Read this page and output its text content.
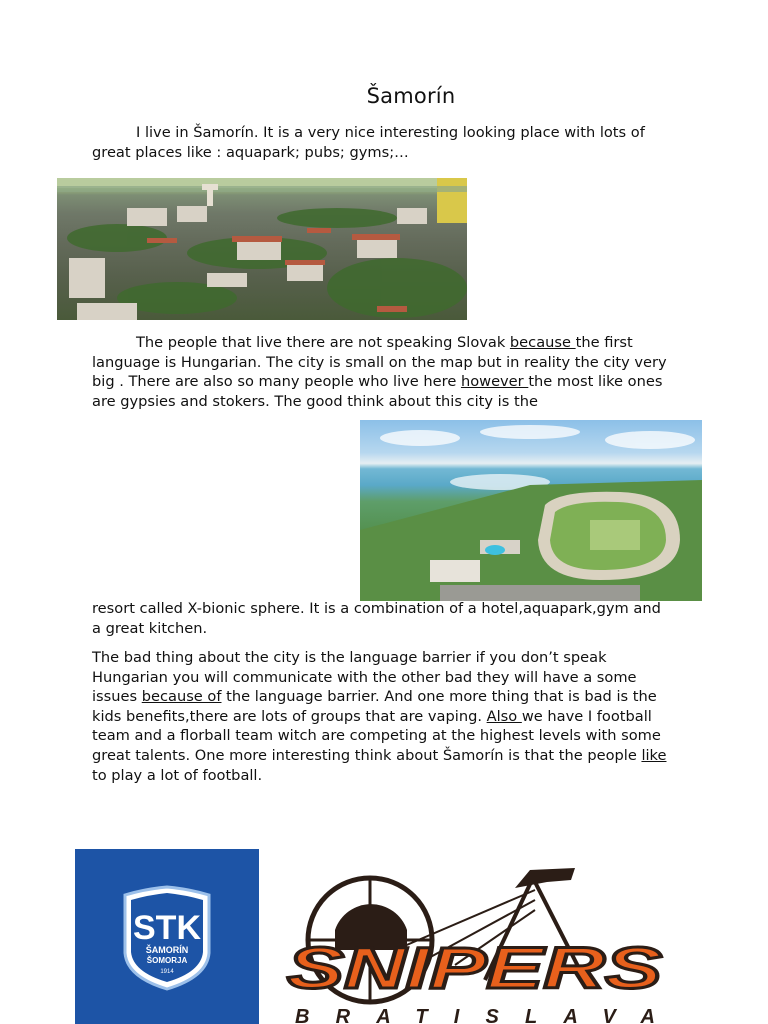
Šamorín

I live in Šamorín. It is a very nice interesting looking place with lots of great places like : aquapark; pubs; gyms;…

The people that live there are not speaking Slovak because the first language is Hungarian. The city is small on the map but in reality the city very big . There are also so many people who live here however the most like ones are gypsies and stokers. The good think about this city is the

resort called X-bionic sphere. It is a combination of a hotel,aquapark,gym and a great kitchen.

The bad thing about the city is the language barrier if you don’t speak Hungarian you will communicate with the other bad they will have a some issues because of the language barrier. And one more thing that is bad is the kids benefits,there are lots of groups that are vaping. Also we have I football team and a florball team witch are competing at the highest levels with some great talents. One more interesting think about Šamorín is that the people like to play a lot of football.

STK
ŠAMORÍN
ŠOMORJA
1914 SNIPERS
BRATISLAVA
